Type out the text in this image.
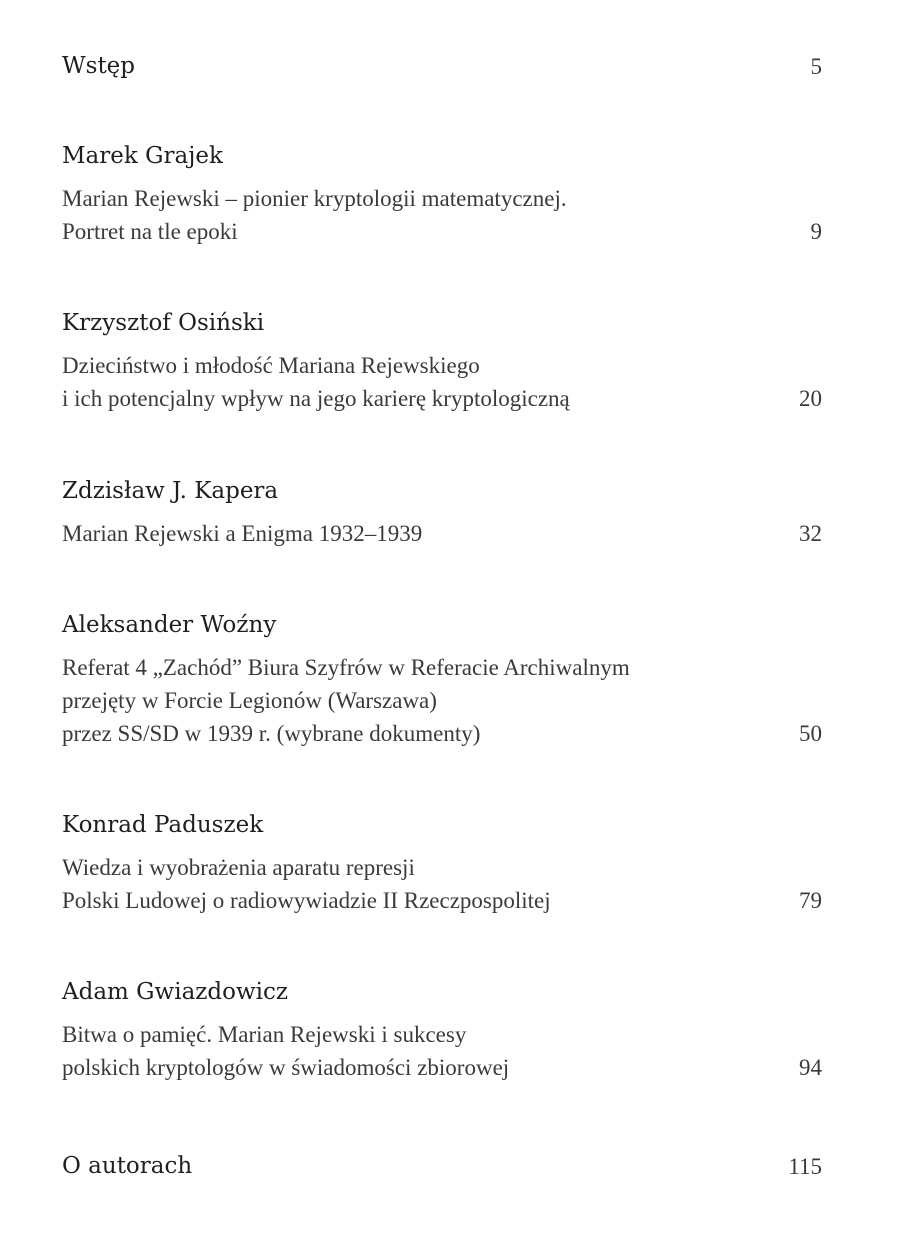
Wstęp	5

Marek Grajek

Marian Rejewski – pionier kryptologii matematycznej.
Portret na tle epoki	9

Krzysztof Osiński

Dzieciństwo i młodość Mariana Rejewskiego
i ich potencjalny wpływ na jego karierę kryptologiczną	20

Zdzisław J. Kapera

Marian Rejewski a Enigma 1932–1939	32

Aleksander Woźny

Referat 4 „Zachód” Biura Szyfrów w Referacie Archiwalnym
przejęty w Forcie Legionów (Warszawa)
przez SS/SD w 1939 r. (wybrane dokumenty)	50

Konrad Paduszek

Wiedza i wyobrażenia aparatu represji
Polski Ludowej o radiowywiadzie II Rzeczpospolitej	79

Adam Gwiazdowicz

Bitwa o pamięć. Marian Rejewski i sukcesy
polskich kryptologów w świadomości zbiorowej	94
O autorach	115
